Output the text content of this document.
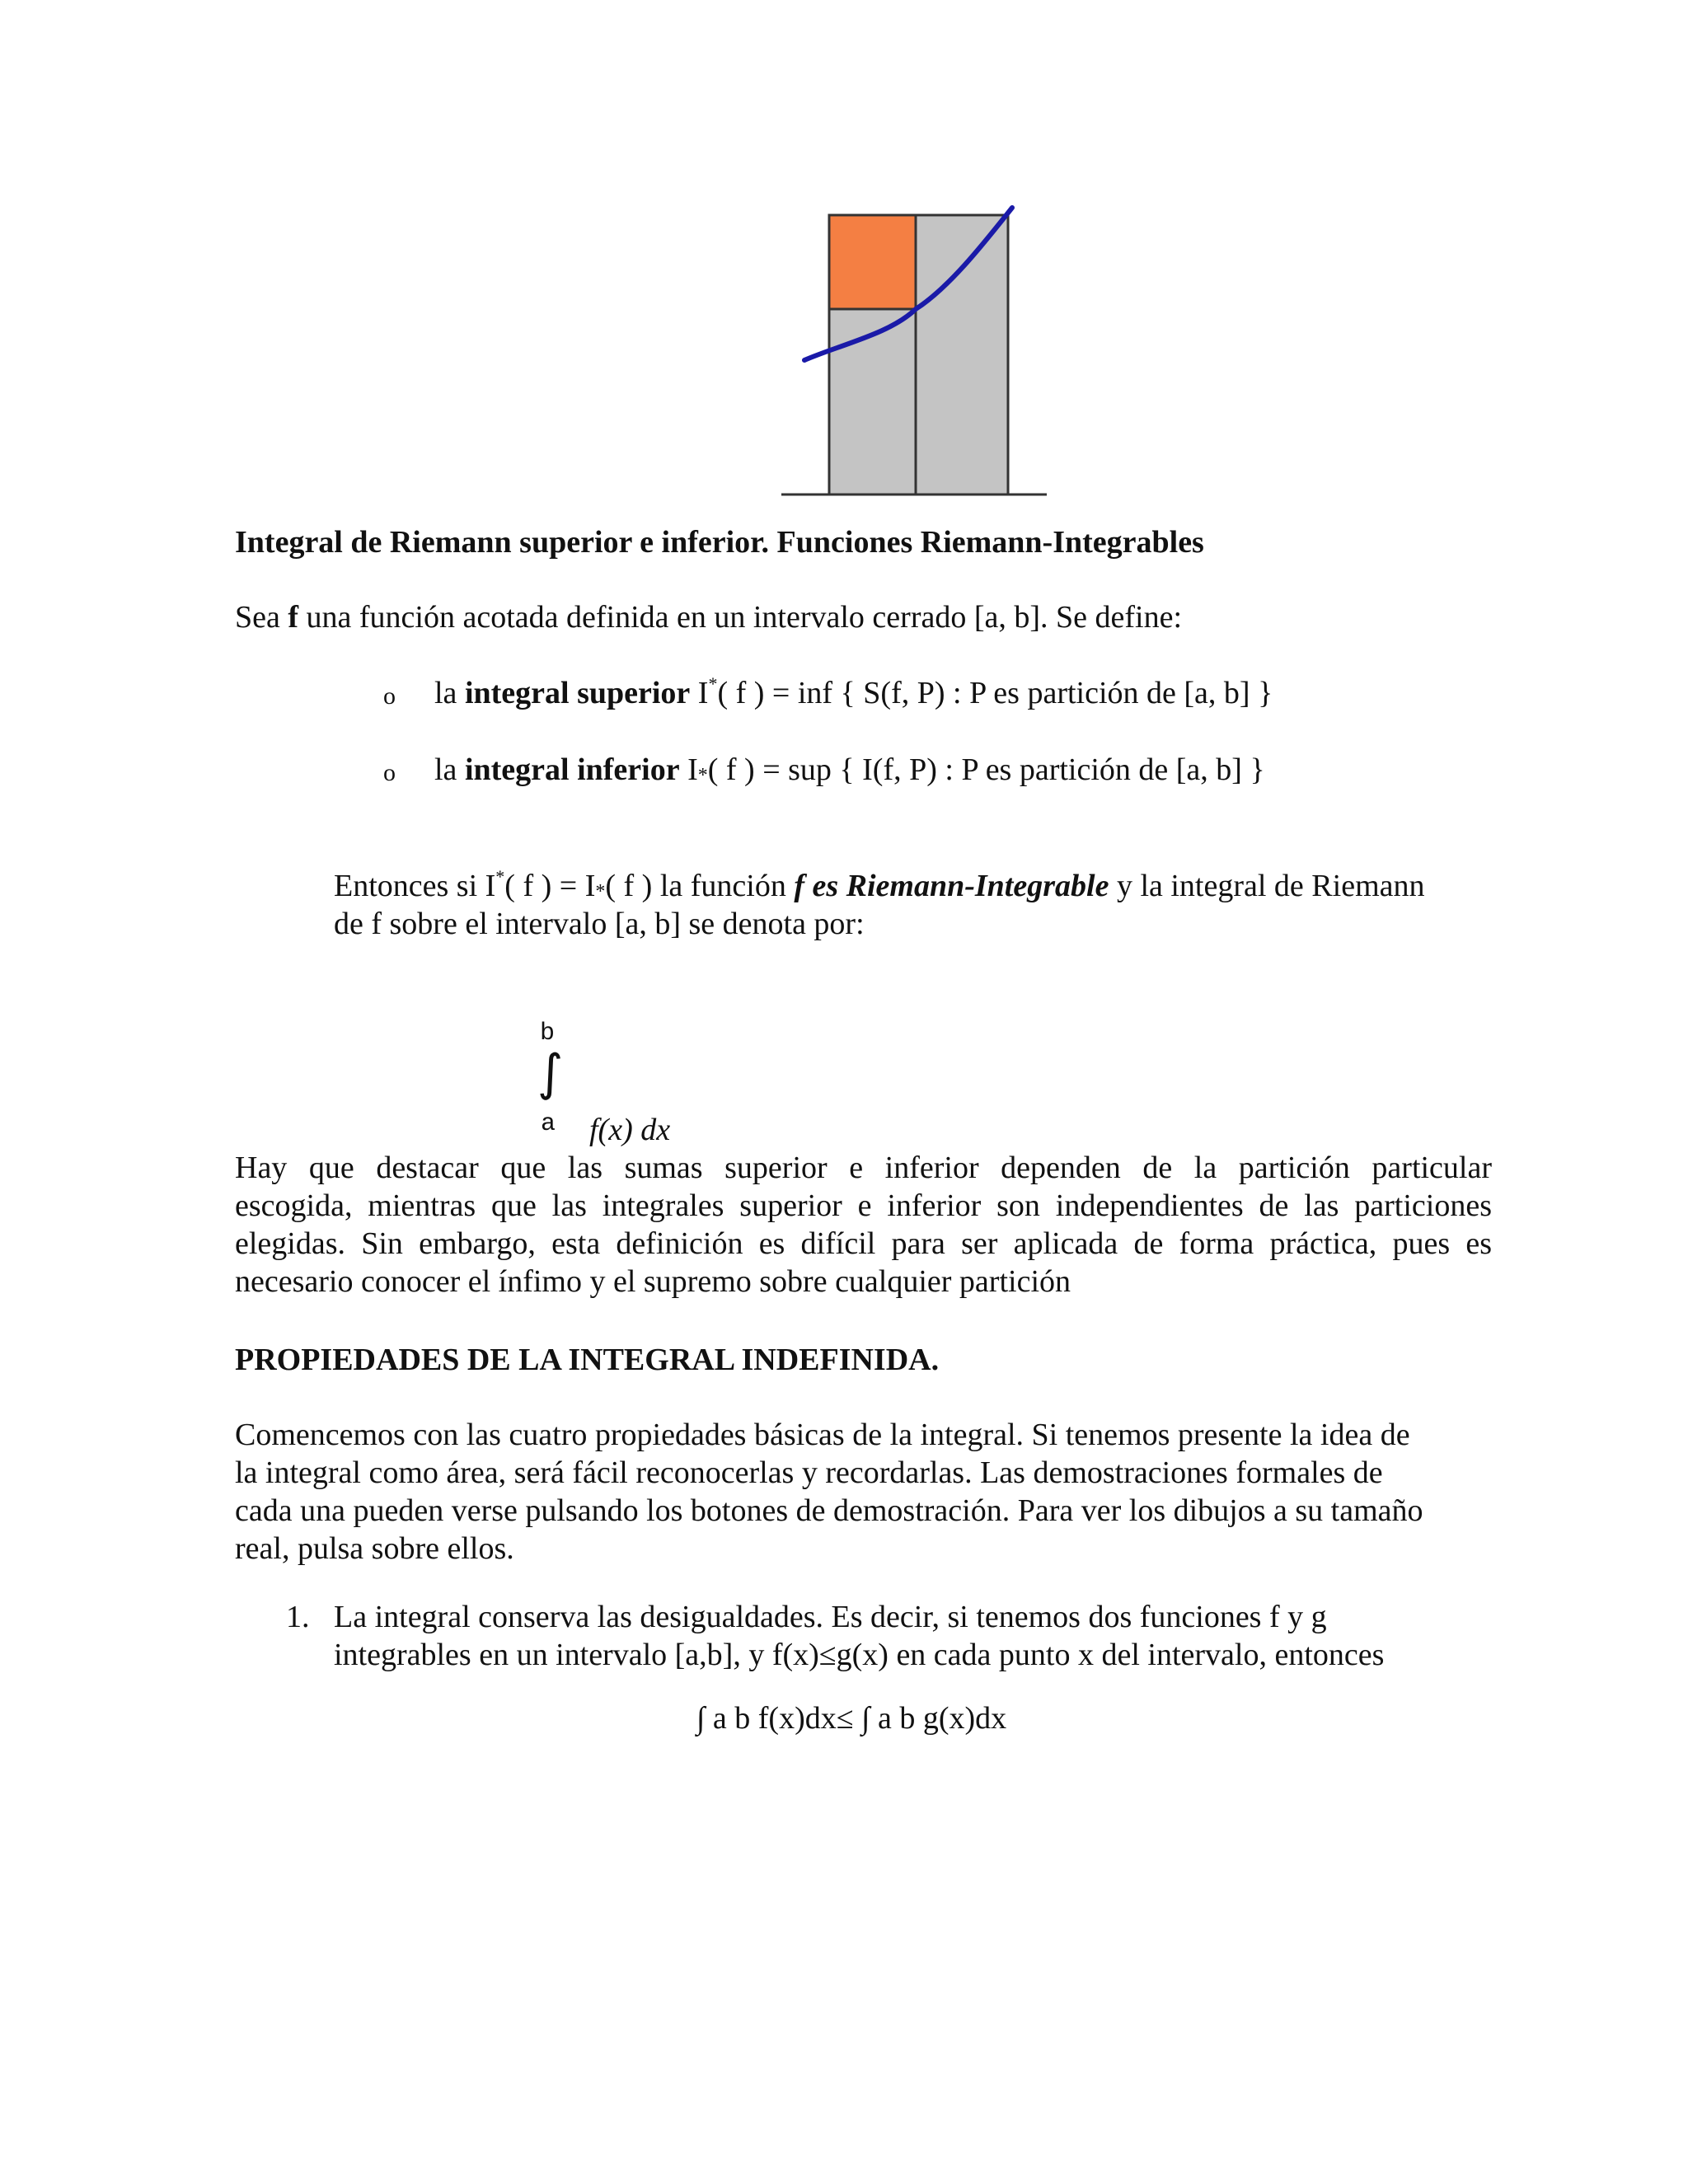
Integral de Riemann superior e inferior. Funciones Riemann-Integrables

Sea f una función acotada definida en un intervalo cerrado [a, b]. Se define:

o la integral superior I*( f ) = inf { S(f, P) : P es partición de [a, b] }

o la integral inferior $I_*$( f ) = sup { I(f, P) : P es partición de [a, b] }

Entonces si I*( f ) = $I_*$( f ) la función f es Riemann-Integrable y la integral de Riemann

de f sobre el intervalo [a, b] se denota por:

b
∫
a f(x) dx

Hay que destacar que las sumas superior e inferior dependen de la partición particular

escogida, mientras que las integrales superior e inferior son independientes de las particiones

elegidas. Sin embargo, esta definición es difícil para ser aplicada de forma práctica, pues es

necesario conocer el ínfimo y el supremo sobre cualquier partición

PROPIEDADES DE LA INTEGRAL INDEFINIDA.

Comencemos con las cuatro propiedades básicas de la integral. Si tenemos presente la idea de

la integral como área, será fácil reconocerlas y recordarlas. Las demostraciones formales de

cada una pueden verse pulsando los botones de demostración. Para ver los dibujos a su tamaño

real, pulsa sobre ellos.

1. La integral conserva las desigualdades. Es decir, si tenemos dos funciones f y g

integrables en un intervalo [a,b], y f(x)≤g(x) en cada punto x del intervalo, entonces

∫ a b f(x)dx≤ ∫ a b g(x)dx
